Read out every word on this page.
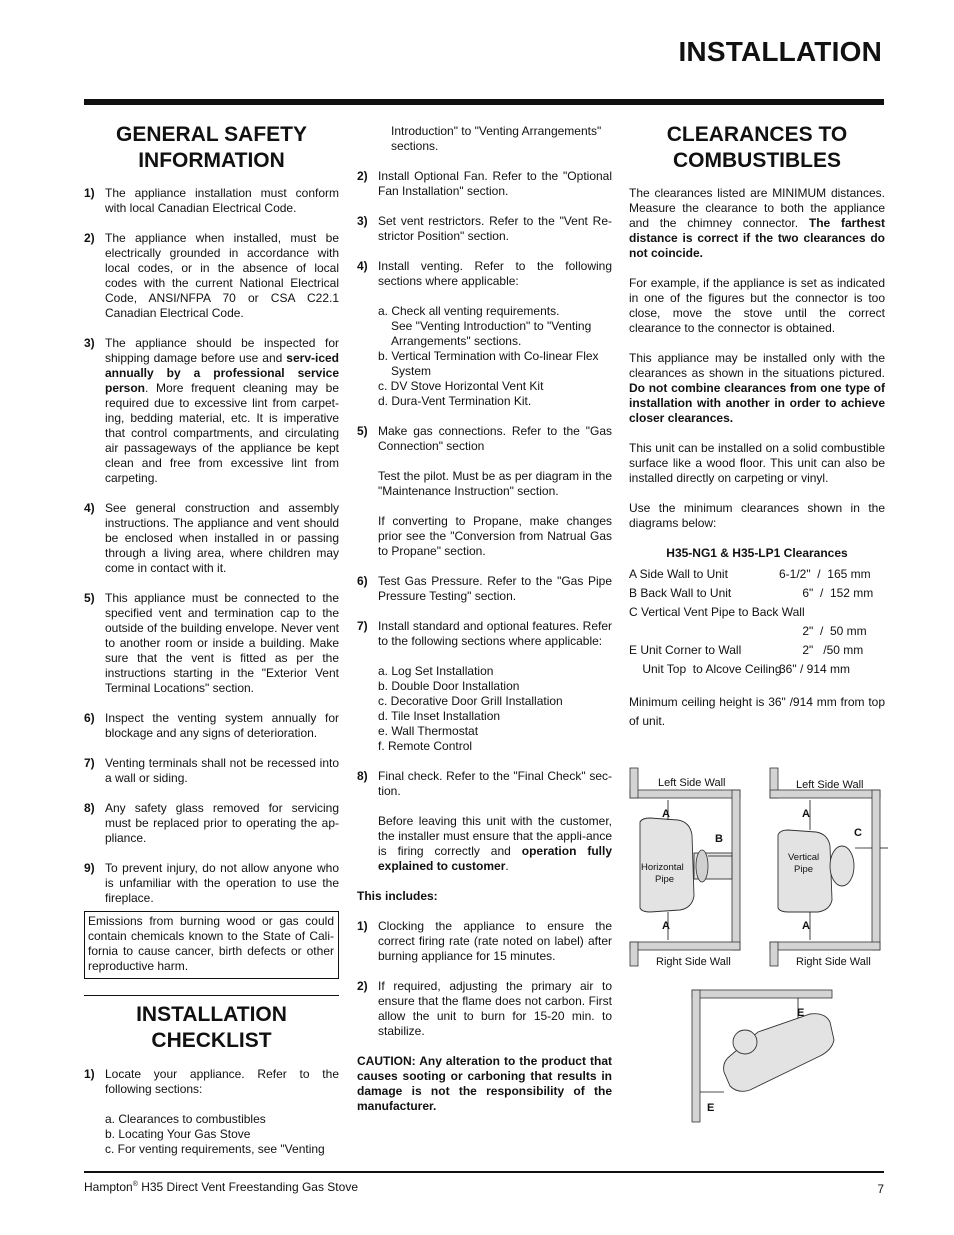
INSTALLATION
GENERAL SAFETY INFORMATION
1) The appliance installation must conform with local Canadian Electrical Code.
2) The appliance when installed, must be electrically grounded in accordance with local codes, or in the absence of local codes with the current National Electrical Code, ANSI/NFPA 70 or CSA C22.1 Canadian Electrical Code.
3) The appliance should be inspected for shipping damage before use and serv-iced annually by a professional service person. More frequent cleaning may be required due to excessive lint from carpet-ing, bedding material, etc. It is imperative that control compartments, and circulating air passageways of the appliance be kept clean and free from excessive lint from carpeting.
4) See general construction and assembly instructions. The appliance and vent should be enclosed when installed in or passing through a living area, where children may come in contact with it.
5) This appliance must be connected to the specified vent and termination cap to the outside of the building envelope. Never vent to another room or inside a building. Make sure that the vent is fitted as per the instructions starting in the "Exterior Vent Terminal Locations" section.
6) Inspect the venting system annually for blockage and any signs of deterioration.
7) Venting terminals shall not be recessed into a wall or siding.
8) Any safety glass removed for servicing must be replaced prior to operating the ap-pliance.
9) To prevent injury, do not allow anyone who is unfamiliar with the operation to use the fireplace.
Emissions from burning wood or gas could contain chemicals known to the State of Cali-fornia to cause cancer, birth defects or other reproductive harm.
INSTALLATION CHECKLIST
1) Locate your appliance. Refer to the following sections:
a. Clearances to combustibles
b. Locating Your Gas Stove
c. For venting requirements, see "Venting
Introduction" to "Venting Arrangements" sections.
2) Install Optional Fan. Refer to the "Optional Fan Installation" section.
3) Set vent restrictors. Refer to the "Vent Re-strictor Position" section.
4) Install venting. Refer to the following sections where applicable:
a. Check all venting requirements.
See "Venting Introduction" to "Venting Arrangements" sections.
b. Vertical Termination with Co-linear Flex
System
c. DV Stove Horizontal Vent Kit
d. Dura-Vent Termination Kit.
5) Make gas connections. Refer to the "Gas Connection" section
Test the pilot. Must be as per diagram in the "Maintenance Instruction" section.
If converting to Propane, make changes prior see the "Conversion from Natrual Gas to Propane" section.
6) Test Gas Pressure. Refer to the "Gas Pipe Pressure Testing" section.
7) Install standard and optional features. Refer to the following sections where applicable:
a. Log Set Installation
b. Double Door Installation
c. Decorative Door Grill Installation
d. Tile Inset Installation
e. Wall Thermostat
f. Remote Control
8) Final check. Refer to the "Final Check" sec-tion.
Before leaving this unit with the customer, the installer must ensure that the appli-ance is firing correctly and operation fully explained to customer.
This includes:
1) Clocking the appliance to ensure the correct firing rate (rate noted on label) after burning appliance for 15 minutes.
2) If required, adjusting the primary air to ensure that the flame does not carbon. First allow the unit to burn for 15-20 min. to stabilize.
CAUTION: Any alteration to the product that causes sooting or carboning that results in damage is not the responsibility of the manufacturer.
CLEARANCES TO COMBUSTIBLES

The clearances listed are MINIMUM distances. Measure the clearance to both the appliance and the chimney connector. The farthest distance is correct if the two clearances do not coincide.

For example, if the appliance is set as indicated in one of the figures but the connector is too close, move the stove until the correct clearance to the connector is obtained.

This appliance may be installed only with the clearances as shown in the situations pictured. Do not combine clearances from one type of installation with another in order to achieve closer clearances.

This unit can be installed on a solid combustible surface like a wood floor. This unit can also be installed directly on carpeting or vinyl.

Use the minimum clearances shown in the diagrams below:

H35-NG1 & H35-LP1 Clearances
A Side Wall to Unit	6-1/2"  /  165 mm
B Back Wall to Unit	6"  /  152 mm
C Vertical Vent Pipe to Back Wall
2"  /  50 mm
E Unit Corner to Wall	2"   /50 mm
Unit Top  to Alcove Ceiling
36" / 914 mm
Minimum ceiling height is 36" /914 mm from top of unit.
Left Side Wall
Right Side Wall
Horizontal
Pipe
A
A
B
Left Side Wall
Right Side Wall
Vertical
Pipe
A
A
C
E
E
Hampton® H35 Direct Vent Freestanding Gas Stove	7
